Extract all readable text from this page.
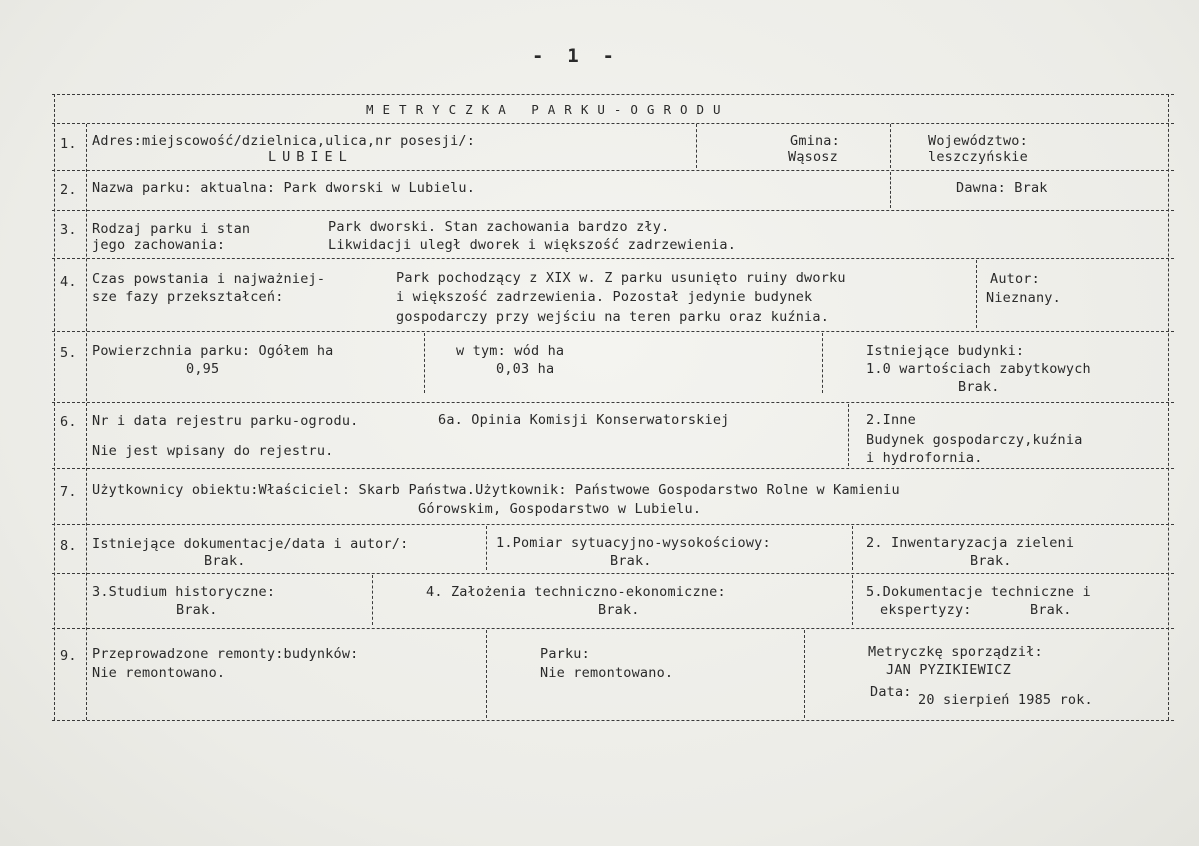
- 1 -
METRYCZKA PARKU-OGRODU
1. Adres:miejscowość/dzielnica,ulica,nr posesji/:
LUBIEL
Gmina:
Wąsosz
Województwo:
leszczyńskie
2. Nazwa parku: aktualna: Park dworski w Lubielu.	Dawna: Brak
3. Rodzaj parku i stan
jego zachowania:
Park dworski. Stan zachowania bardzo zły.
Likwidacji uległ dworek i większość zadrzewienia.
4. Czas powstania i najważniej-
sze fazy przekształceń:
Park pochodzący z XIX w. Z parku usunięto ruiny dworku
i większość zadrzewienia. Pozostał jedynie budynek
gospodarczy przy wejściu na teren parku oraz kuźnia.
Autor:
Nieznany.
5. Powierzchnia parku: Ogółem ha
0,95
w tym: wód ha
0,03 ha
Istniejące budynki:
1.0 wartościach zabytkowych
Brak.
6. Nr i data rejestru parku-ogrodu.
Nie jest wpisany do rejestru.
6a. Opinia Komisji Konserwatorskiej	2.Inne
Budynek gospodarczy,kuźnia
i hydrofornia.
7. Użytkownicy obiektu:Właściciel: Skarb Państwa.Użytkownik: Państwowe Gospodarstwo Rolne w Kamieniu
Górowskim, Gospodarstwo w Lubielu.
8. Istniejące dokumentacje/data i autor/:
Brak.
1.Pomiar sytuacyjno-wysokościowy:
Brak.
2. Inwentaryzacja zieleni
Brak.
3.Studium historyczne:
Brak.
4. Założenia techniczno-ekonomiczne:
Brak.
5.Dokumentacje techniczne i
ekspertyzy:	Brak.
9. Przeprowadzone remonty:budynków:
Nie remontowano.
Parku:
Nie remontowano.
Metryczkę sporządził:
JAN PYZIKIEWICZ
Data: 20 sierpień 1985 rok.
